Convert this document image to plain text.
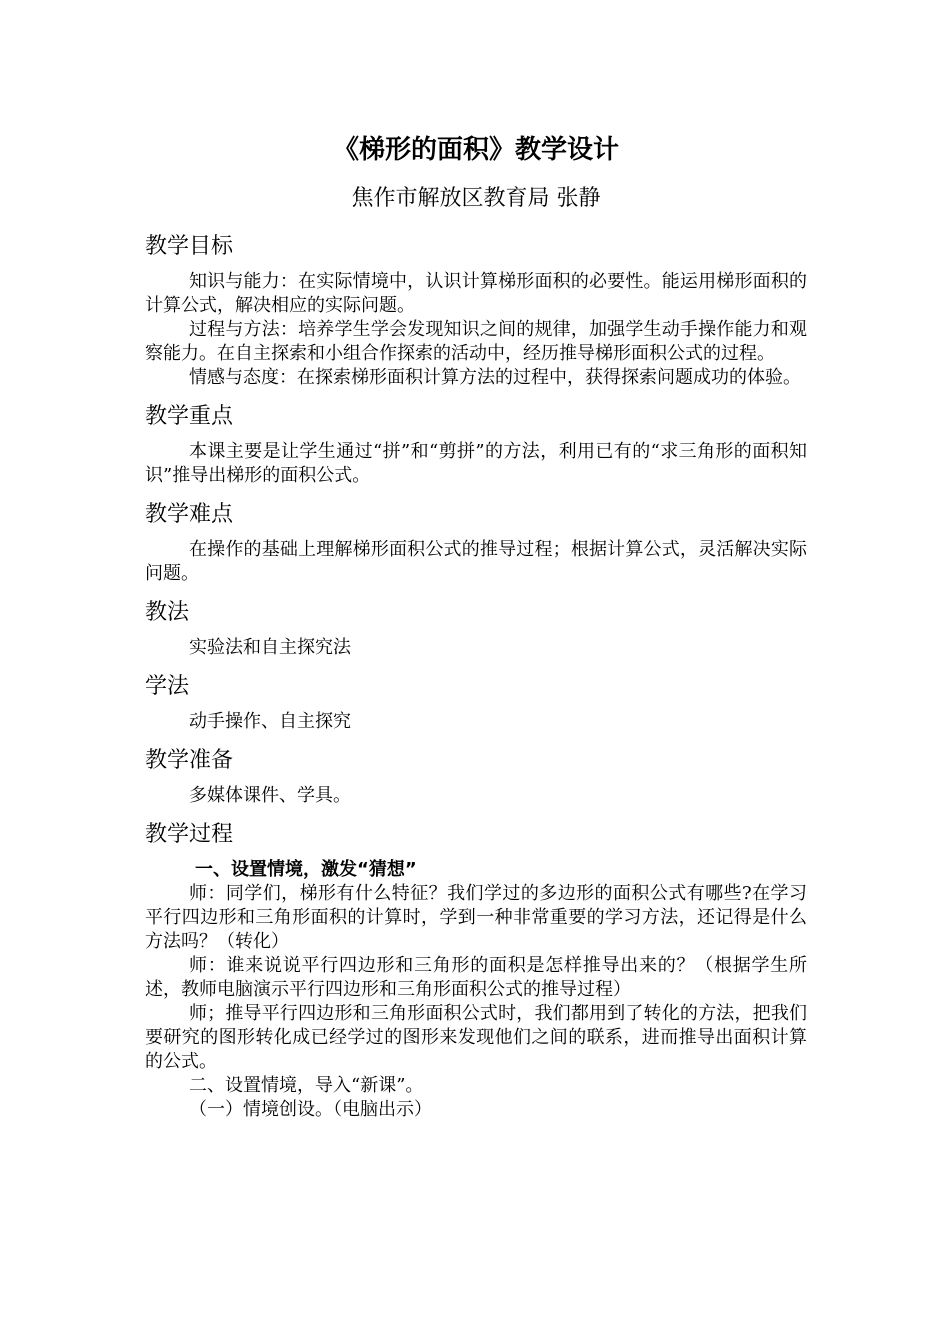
《梯形的面积》教学设计
焦作市解放区教育局 张静
教学目标

知识与能力：在实际情境中，认识计算梯形面积的必要性。能运用梯形面积的计算公式，解决相应的实际问题。

过程与方法：培养学生学会发现知识之间的规律，加强学生动手操作能力和观察能力。在自主探索和小组合作探索的活动中，经历推导梯形面积公式的过程。

情感与态度：在探索梯形面积计算方法的过程中，获得探索问题成功的体验。

教学重点

本课主要是让学生通过“拼”和“剪拼”的方法，利用已有的“求三角形的面积知识”推导出梯形的面积公式。

教学难点

在操作的基础上理解梯形面积公式的推导过程；根据计算公式，灵活解决实际问题。

教法

实验法和自主探究法

学法

动手操作、自主探究

教学准备

多媒体课件、学具。

教学过程
一、设置情境，激发“猜想”

师：同学们，梯形有什么特征？我们学过的多边形的面积公式有哪些?在学习平行四边形和三角形面积的计算时，学到一种非常重要的学习方法，还记得是什么方法吗？（转化）

师：谁来说说平行四边形和三角形的面积是怎样推导出来的？（根据学生所述，教师电脑演示平行四边形和三角形面积公式的推导过程）

师；推导平行四边形和三角形面积公式时，我们都用到了转化的方法，把我们要研究的图形转化成已经学过的图形来发现他们之间的联系，进而推导出面积计算的公式。

二、设置情境，导入“新课”。

（一）情境创设。（电脑出示）
